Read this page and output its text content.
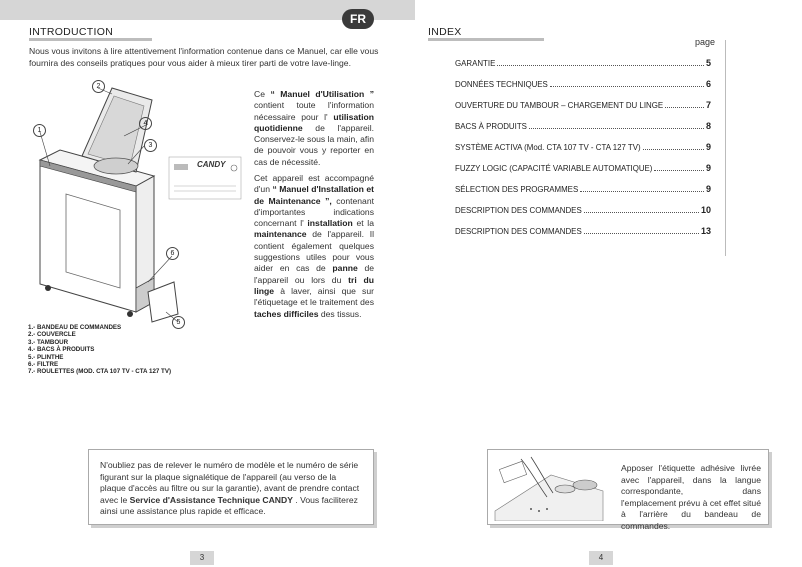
FR
INTRODUCTION
Nous vous invitons à lire attentivement l'information contenue dans ce Manuel, car elle vous
fournira des conseils pratiques pour vous aider à mieux tirer parti de votre lave-linge.
1
2
3
4
5
6
CANDY
1.- BANDEAU DE COMMANDES
2.- COUVERCLE
3.- TAMBOUR
4.- BACS À PRODUITS
5.- PLINTHE
6.- FILTRE
7.- ROULETTES (MOD. CTA 107 TV - CTA 127 TV)
Ce “ Manuel d'Utilisation ” contient toute l'information nécessaire pour l' utilisation quotidienne de l'appareil. Conservez-le sous la main, afin de pouvoir vous y reporter en cas de nécessité.
Cet appareil est accompagné d'un “ Manuel d'Installation et de Maintenance ”, contenant d'importantes indications concernant l' installation et la maintenance de l'appareil. Il contient également quelques suggestions utiles pour vous aider en cas de panne de l'appareil ou lors du tri du linge à laver, ainsi que sur l'étiquetage et le traitement des taches difficiles des tissus.
N'oubliez pas de relever le numéro de modèle et le numéro de série figurant sur la plaque signalétique de l'appareil (au verso de la plaque d'accès au filtre ou sur la garantie), avant de prendre contact avec le Service d'Assistance Technique CANDY . Vous faciliterez ainsi une assistance plus rapide et efficace.
3
INDEX
page
GARANTIE	5
DONNÉES TECHNIQUES	6
OUVERTURE DU TAMBOUR – CHARGEMENT DU LINGE	7
BACS À PRODUITS	8
SYSTÈME ACTIVA (Mod. CTA 107 TV - CTA 127 TV)	9
FUZZY LOGIC (CAPACITÉ VARIABLE AUTOMATIQUE)	9
SÉLECTION DES PROGRAMMES	9
DESCRIPTION DES COMMANDES	10
DESCRIPTION DES COMMANDES	13
Apposer l'étiquette adhésive livrée avec l'appareil, dans la langue correspondante, dans l'emplacement prévu à cet effet situé à l'arrière du bandeau de commandes.
4
